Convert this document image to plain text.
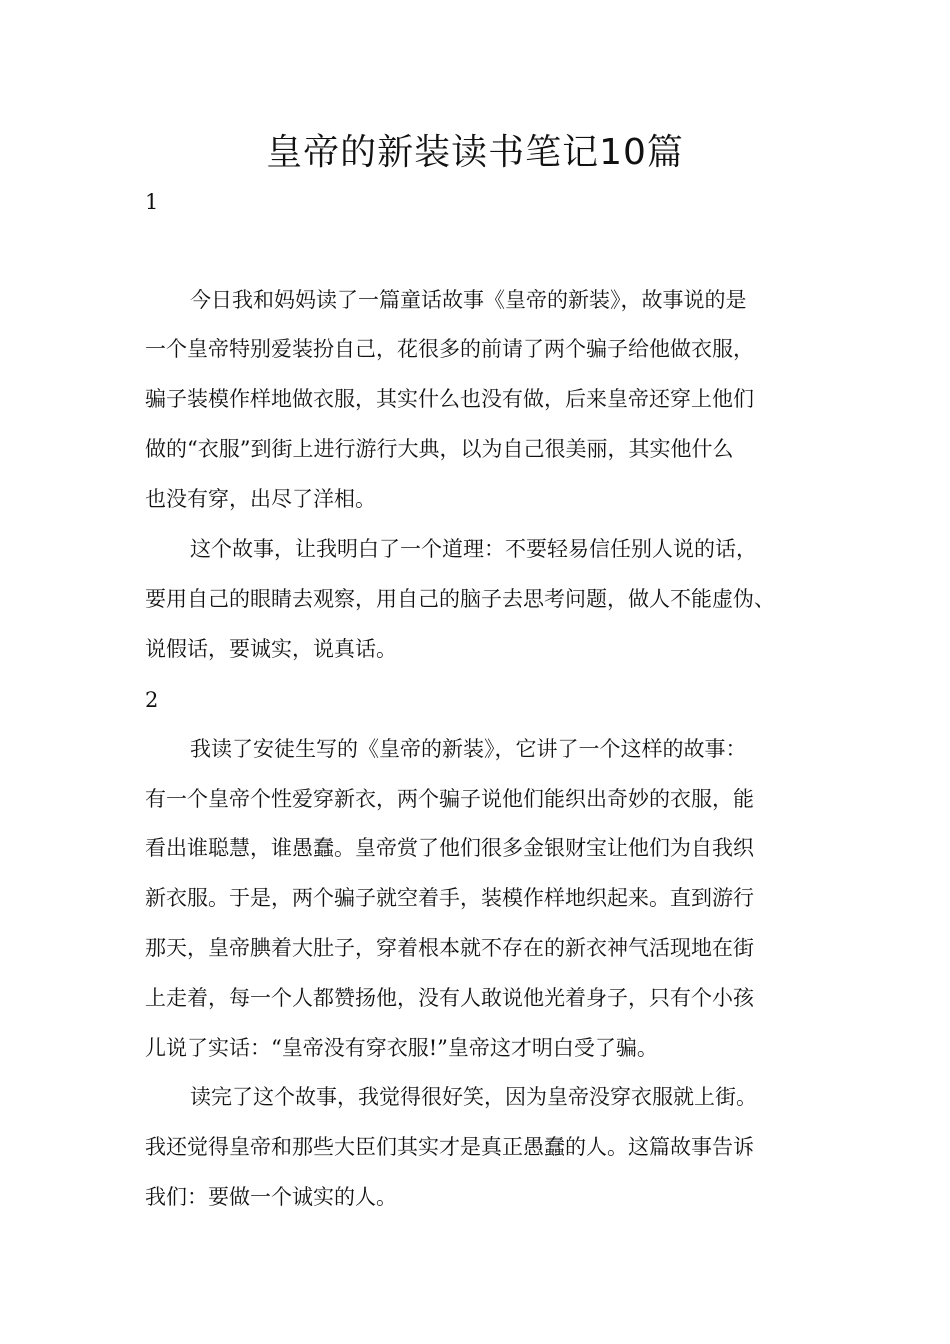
皇帝的新装读书笔记10篇
1
今日我和妈妈读了一篇童话故事《皇帝的新装》，故事说的是
一个皇帝特别爱装扮自己，花很多的前请了两个骗子给他做衣服，
骗子装模作样地做衣服，其实什么也没有做，后来皇帝还穿上他们
做的“衣服”到街上进行游行大典，以为自己很美丽，其实他什么
也没有穿，出尽了洋相。
这个故事，让我明白了一个道理：不要轻易信任别人说的话，
要用自己的眼睛去观察，用自己的脑子去思考问题，做人不能虚伪、
说假话，要诚实，说真话。
2
我读了安徒生写的《皇帝的新装》，它讲了一个这样的故事：
有一个皇帝个性爱穿新衣，两个骗子说他们能织出奇妙的衣服，能
看出谁聪慧，谁愚蠢。皇帝赏了他们很多金银财宝让他们为自我织
新衣服。于是，两个骗子就空着手，装模作样地织起来。直到游行
那天，皇帝腆着大肚子，穿着根本就不存在的新衣神气活现地在街
上走着，每一个人都赞扬他，没有人敢说他光着身子，只有个小孩
儿说了实话：“皇帝没有穿衣服!”皇帝这才明白受了骗。
读完了这个故事，我觉得很好笑，因为皇帝没穿衣服就上街。
我还觉得皇帝和那些大臣们其实才是真正愚蠢的人。这篇故事告诉
我们：要做一个诚实的人。
